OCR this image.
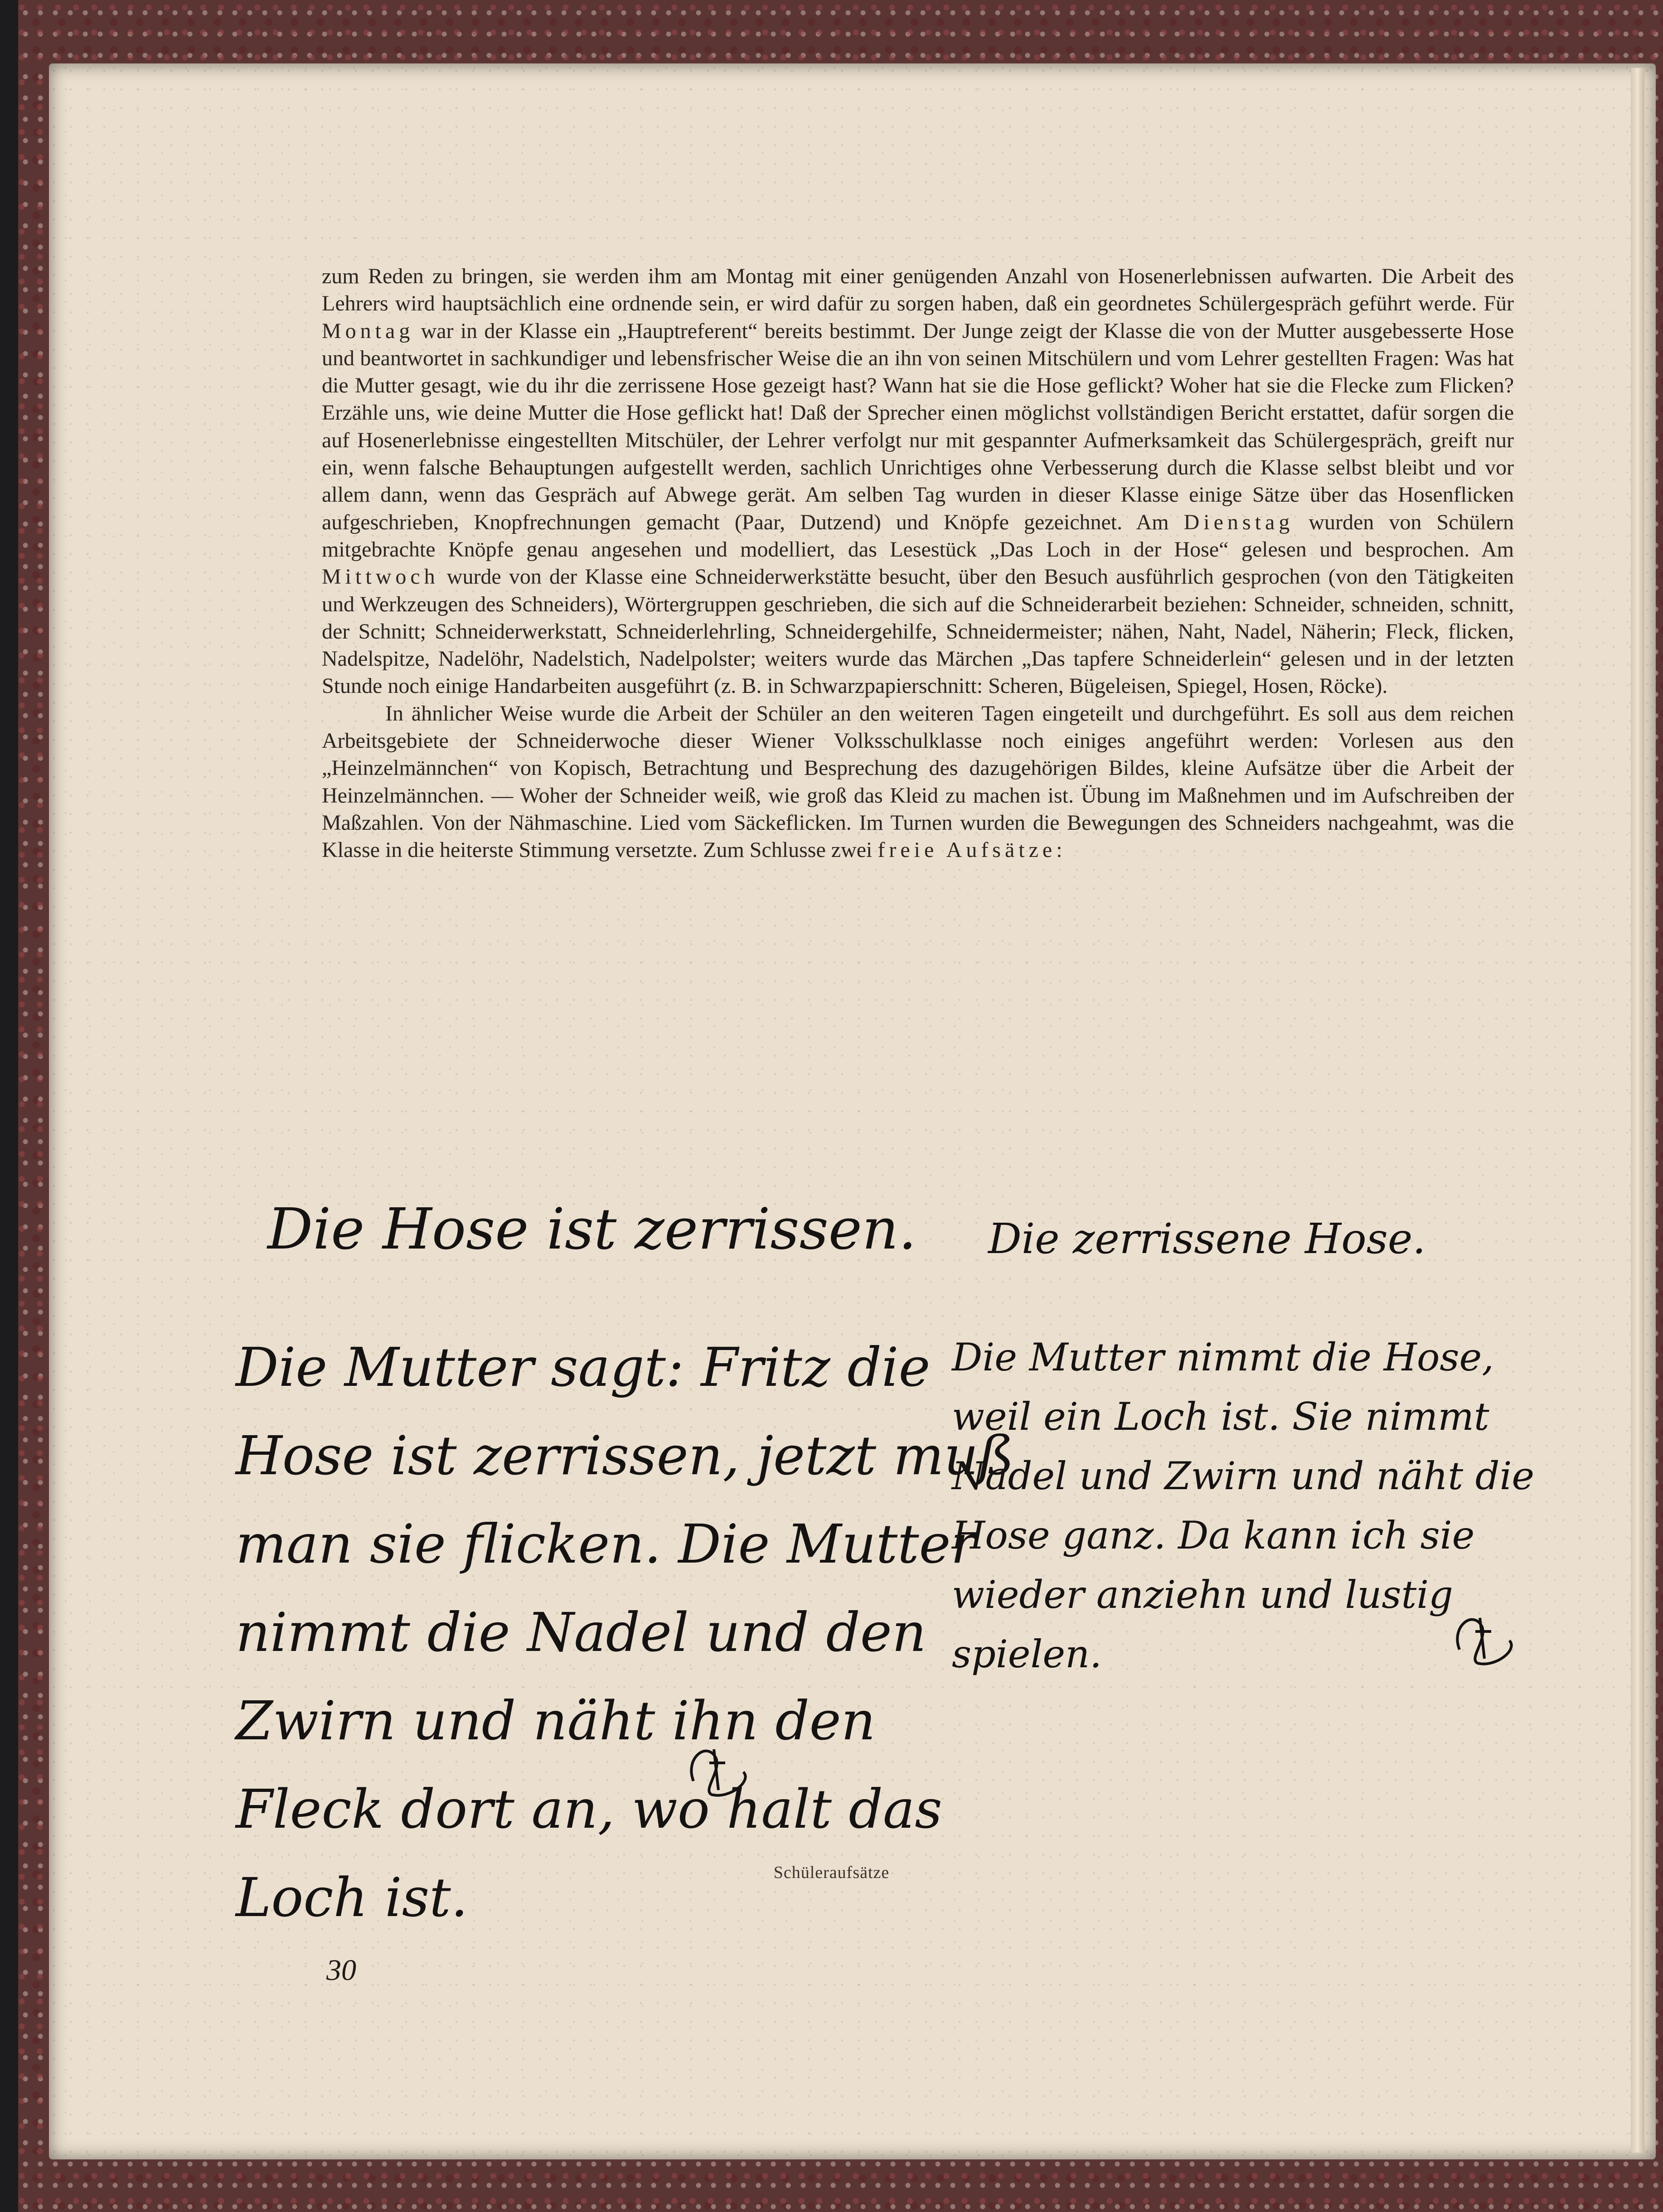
zum Reden zu bringen, sie werden ihm am Montag mit einer genügenden Anzahl von Hosenerlebnissen aufwarten. Die Arbeit des Lehrers wird hauptsächlich eine ordnende sein, er wird dafür zu sorgen haben, daß ein geordnetes Schülergespräch geführt werde. Für Montag war in der Klasse ein „Hauptreferent“ bereits bestimmt. Der Junge zeigt der Klasse die von der Mutter ausgebesserte Hose und beantwortet in sachkundiger und lebensfrischer Weise die an ihn von seinen Mitschülern und vom Lehrer gestellten Fragen: Was hat die Mutter gesagt, wie du ihr die zerrissene Hose gezeigt hast? Wann hat sie die Hose geflickt? Woher hat sie die Flecke zum Flicken? Erzähle uns, wie deine Mutter die Hose geflickt hat! Daß der Sprecher einen möglichst vollständigen Bericht erstattet, dafür sorgen die auf Hosenerlebnisse eingestellten Mitschüler, der Lehrer verfolgt nur mit gespannter Aufmerksamkeit das Schülergespräch, greift nur ein, wenn falsche Behauptungen aufgestellt werden, sachlich Unrichtiges ohne Verbesserung durch die Klasse selbst bleibt und vor allem dann, wenn das Gespräch auf Abwege gerät. Am selben Tag wurden in dieser Klasse einige Sätze über das Hosenflicken aufgeschrieben, Knopfrechnungen gemacht (Paar, Dutzend) und Knöpfe gezeichnet. Am Dienstag wurden von Schülern mitgebrachte Knöpfe genau angesehen und modelliert, das Lesestück „Das Loch in der Hose“ gelesen und besprochen. Am Mittwoch wurde von der Klasse eine Schneiderwerkstätte besucht, über den Besuch ausführlich gesprochen (von den Tätigkeiten und Werkzeugen des Schneiders), Wörtergruppen geschrieben, die sich auf die Schneiderarbeit beziehen: Schneider, schneiden, schnitt, der Schnitt; Schneiderwerkstatt, Schneiderlehrling, Schneidergehilfe, Schneidermeister; nähen, Naht, Nadel, Näherin; Fleck, flicken, Nadelspitze, Nadelöhr, Nadelstich, Nadelpolster; weiters wurde das Märchen „Das tapfere Schneiderlein“ gelesen und in der letzten Stunde noch einige Handarbeiten ausgeführt (z. B. in Schwarzpapierschnitt: Scheren, Bügeleisen, Spiegel, Hosen, Röcke).

In ähnlicher Weise wurde die Arbeit der Schüler an den weiteren Tagen eingeteilt und durchgeführt. Es soll aus dem reichen Arbeitsgebiete der Schneiderwoche dieser Wiener Volksschulklasse noch einiges angeführt werden: Vorlesen aus den „Heinzelmännchen“ von Kopisch, Betrachtung und Besprechung des dazugehörigen Bildes, kleine Aufsätze über die Arbeit der Heinzelmännchen. — Woher der Schneider weiß, wie groß das Kleid zu machen ist. Übung im Maßnehmen und im Aufschreiben der Maßzahlen. Von der Nähmaschine. Lied vom Säckeflicken. Im Turnen wurden die Bewegungen des Schneiders nachgeahmt, was die Klasse in die heiterste Stimmung versetzte. Zum Schlusse zwei freie Aufsätze:

Die Hose ist zerrissen.
Die Mutter sagt: Fritz die
Hose ist zerrissen, jetzt muß
man sie flicken. Die Mutter
nimmt die Nadel und den
Zwirn und näht ihn den
Fleck dort an, wo halt das
Loch ist.
Die zerrissene Hose.
Die Mutter nimmt die Hose,
weil ein Loch ist. Sie nimmt
Nadel und Zwirn und näht die
Hose ganz. Da kann ich sie
wieder anziehn und lustig
spielen.
Schüleraufsätze
30
